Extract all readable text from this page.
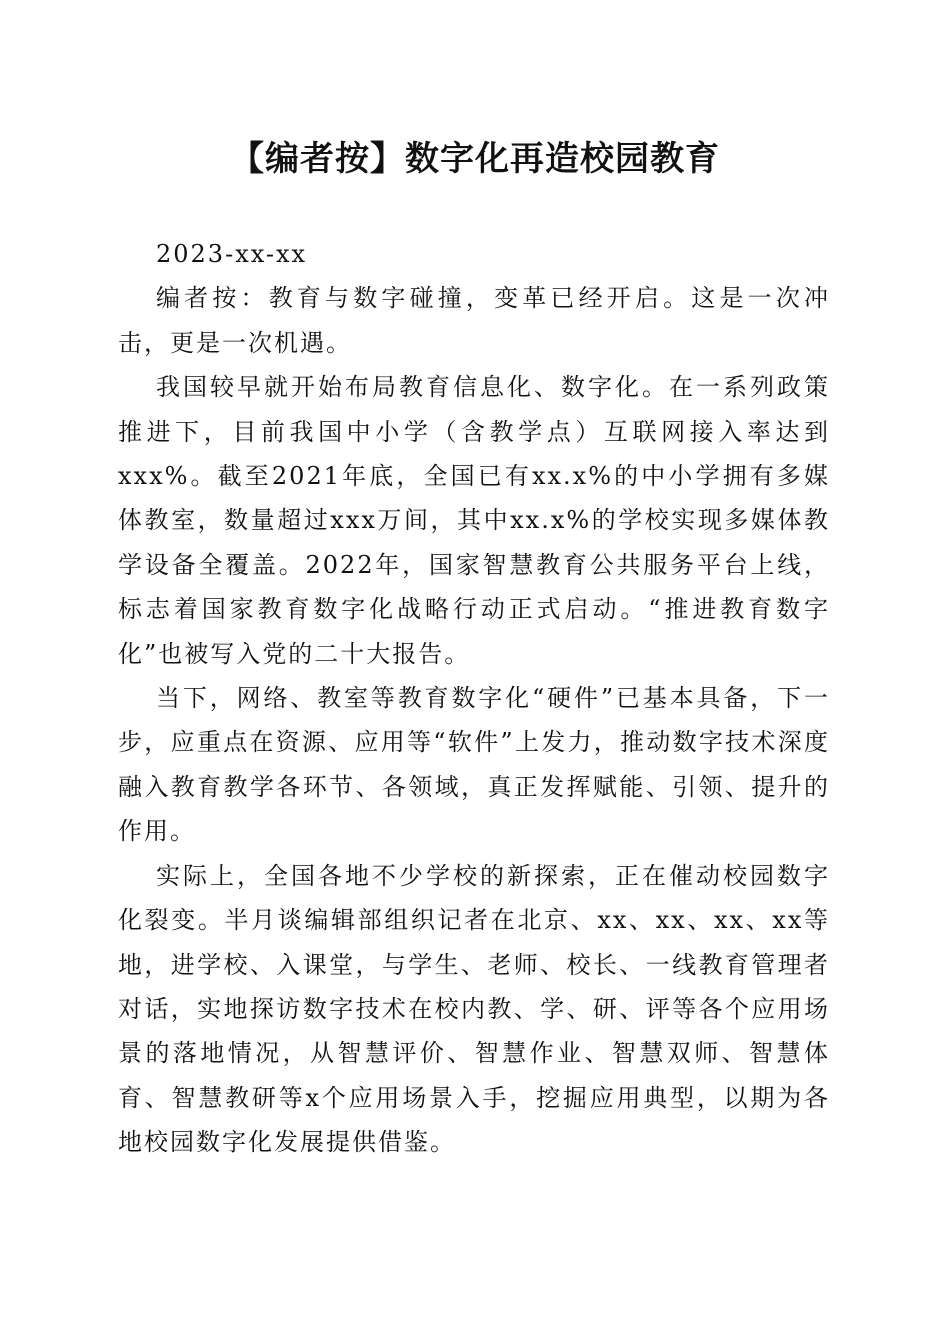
【编者按】数字化再造校园教育

2023-xx-xx

编者按：教育与数字碰撞，变革已经开启。这是一次冲击，更是一次机遇。

我国较早就开始布局教育信息化、数字化。在一系列政策推进下，目前我国中小学（含教学点）互联网接入率达到xxx%。截至2021年底，全国已有xx.x%的中小学拥有多媒体教室，数量超过xxx万间，其中xx.x%的学校实现多媒体教学设备全覆盖。2022年，国家智慧教育公共服务平台上线，标志着国家教育数字化战略行动正式启动。“推进教育数字化”也被写入党的二十大报告。

当下，网络、教室等教育数字化“硬件”已基本具备，下一步，应重点在资源、应用等“软件”上发力，推动数字技术深度融入教育教学各环节、各领域，真正发挥赋能、引领、提升的作用。

实际上，全国各地不少学校的新探索，正在催动校园数字化裂变。半月谈编辑部组织记者在北京、xx、xx、xx、xx等地，进学校、入课堂，与学生、老师、校长、一线教育管理者对话，实地探访数字技术在校内教、学、研、评等各个应用场景的落地情况，从智慧评价、智慧作业、智慧双师、智慧体育、智慧教研等x个应用场景入手，挖掘应用典型，以期为各地校园数字化发展提供借鉴。
